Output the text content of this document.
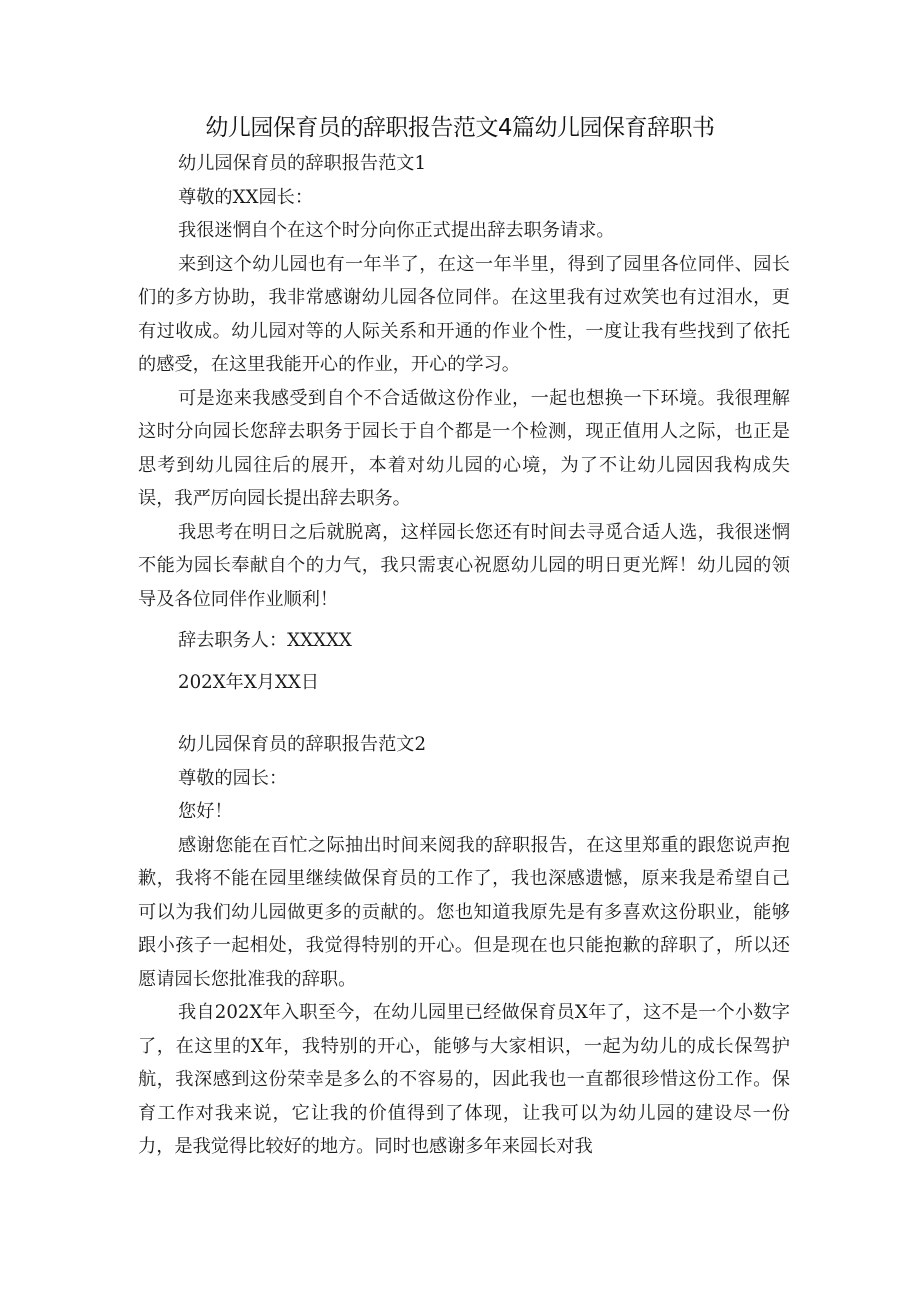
幼儿园保育员的辞职报告范文4篇幼儿园保育辞职书

幼儿园保育员的辞职报告范文1

尊敬的XX园长：

我很迷惘自个在这个时分向你正式提出辞去职务请求。

来到这个幼儿园也有一年半了，在这一年半里，得到了园里各位同伴、园长们的多方协助，我非常感谢幼儿园各位同伴。在这里我有过欢笑也有过泪水，更有过收成。幼儿园对等的人际关系和开通的作业个性，一度让我有些找到了依托的感受，在这里我能开心的作业，开心的学习。

可是迩来我感受到自个不合适做这份作业，一起也想换一下环境。我很理解这时分向园长您辞去职务于园长于自个都是一个检测，现正值用人之际，也正是思考到幼儿园往后的展开，本着对幼儿园的心境，为了不让幼儿园因我构成失误，我严厉向园长提出辞去职务。

我思考在明日之后就脱离，这样园长您还有时间去寻觅合适人选，我很迷惘不能为园长奉献自个的力气，我只需衷心祝愿幼儿园的明日更光辉！幼儿园的领导及各位同伴作业顺利！

辞去职务人：XXXXX

202X年X月XX日

幼儿园保育员的辞职报告范文2

尊敬的园长：

您好！

感谢您能在百忙之际抽出时间来阅我的辞职报告，在这里郑重的跟您说声抱歉，我将不能在园里继续做保育员的工作了，我也深感遗憾，原来我是希望自己可以为我们幼儿园做更多的贡献的。您也知道我原先是有多喜欢这份职业，能够跟小孩子一起相处，我觉得特别的开心。但是现在也只能抱歉的辞职了，所以还愿请园长您批准我的辞职。

我自202X年入职至今，在幼儿园里已经做保育员X年了，这不是一个小数字了，在这里的X年，我特别的开心，能够与大家相识，一起为幼儿的成长保驾护航，我深感到这份荣幸是多么的不容易的，因此我也一直都很珍惜这份工作。保育工作对我来说，它让我的价值得到了体现，让我可以为幼儿园的建设尽一份力，是我觉得比较好的地方。同时也感谢多年来园长对我
